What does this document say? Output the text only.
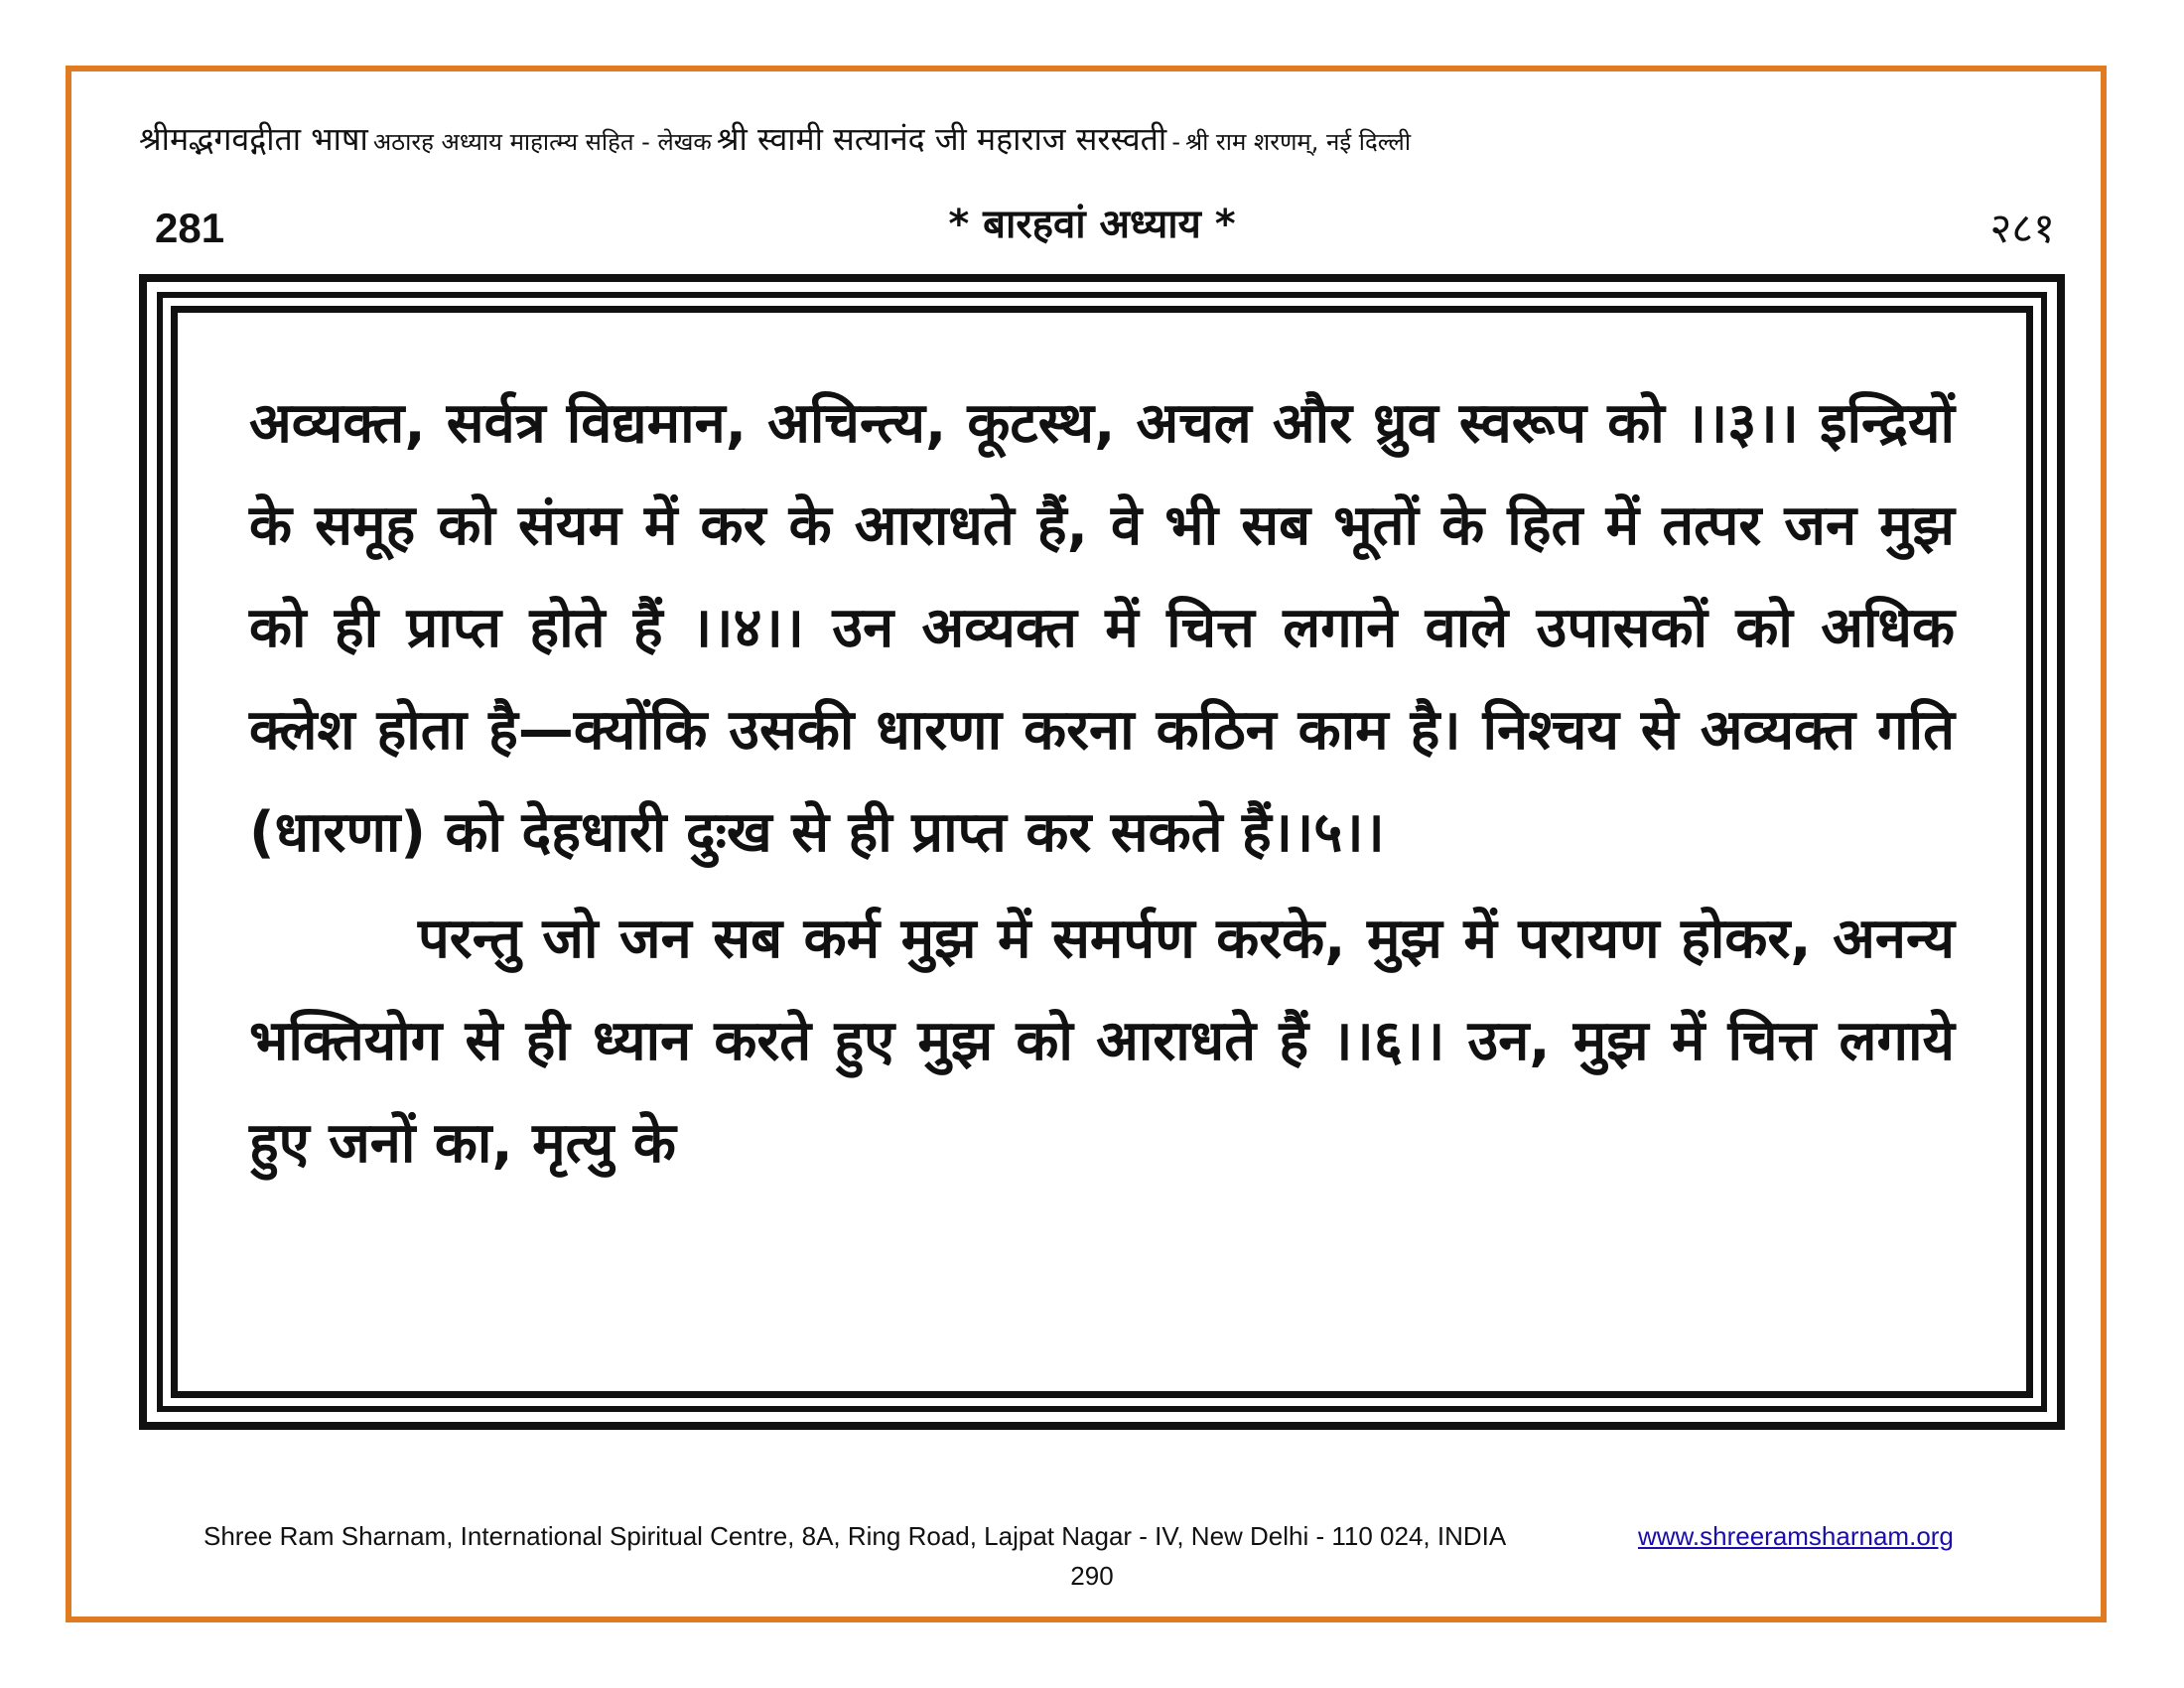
श्रीमद्भगवद्गीता भाषा अठारह अध्याय माहात्म्य सहित - लेखक श्री स्वामी सत्यानंद जी महाराज सरस्वती - श्री राम शरणम्, नई दिल्ली
281	* बारहवां अध्याय *	२८१

अव्यक्त, सर्वत्र विद्यमान, अचिन्त्य, कूटस्थ, अचल और ध्रुव स्वरूप को ।।३।। इन्द्रियों के समूह को संयम में कर के आराधते हैं, वे भी सब भूतों के हित में तत्पर जन मुझ को ही प्राप्त होते हैं ।।४।। उन अव्यक्त में चित्त लगाने वाले उपासकों को अधिक क्लेश होता है—क्योंकि उसकी धारणा करना कठिन काम है। निश्चय से अव्यक्त गति (धारणा) को देहधारी दुःख से ही प्राप्त कर सकते हैं।।५।।

परन्तु जो जन सब कर्म मुझ में समर्पण करके, मुझ में परायण होकर, अनन्य भक्तियोग से ही ध्यान करते हुए मुझ को आराधते हैं ।।६।। उन, मुझ में चित्त लगाये हुए जनों का, मृत्यु के

Shree Ram Sharnam, International Spiritual Centre, 8A, Ring Road, Lajpat Nagar - IV, New Delhi - 110 024, INDIA	www.shreeramsharnam.org
290
